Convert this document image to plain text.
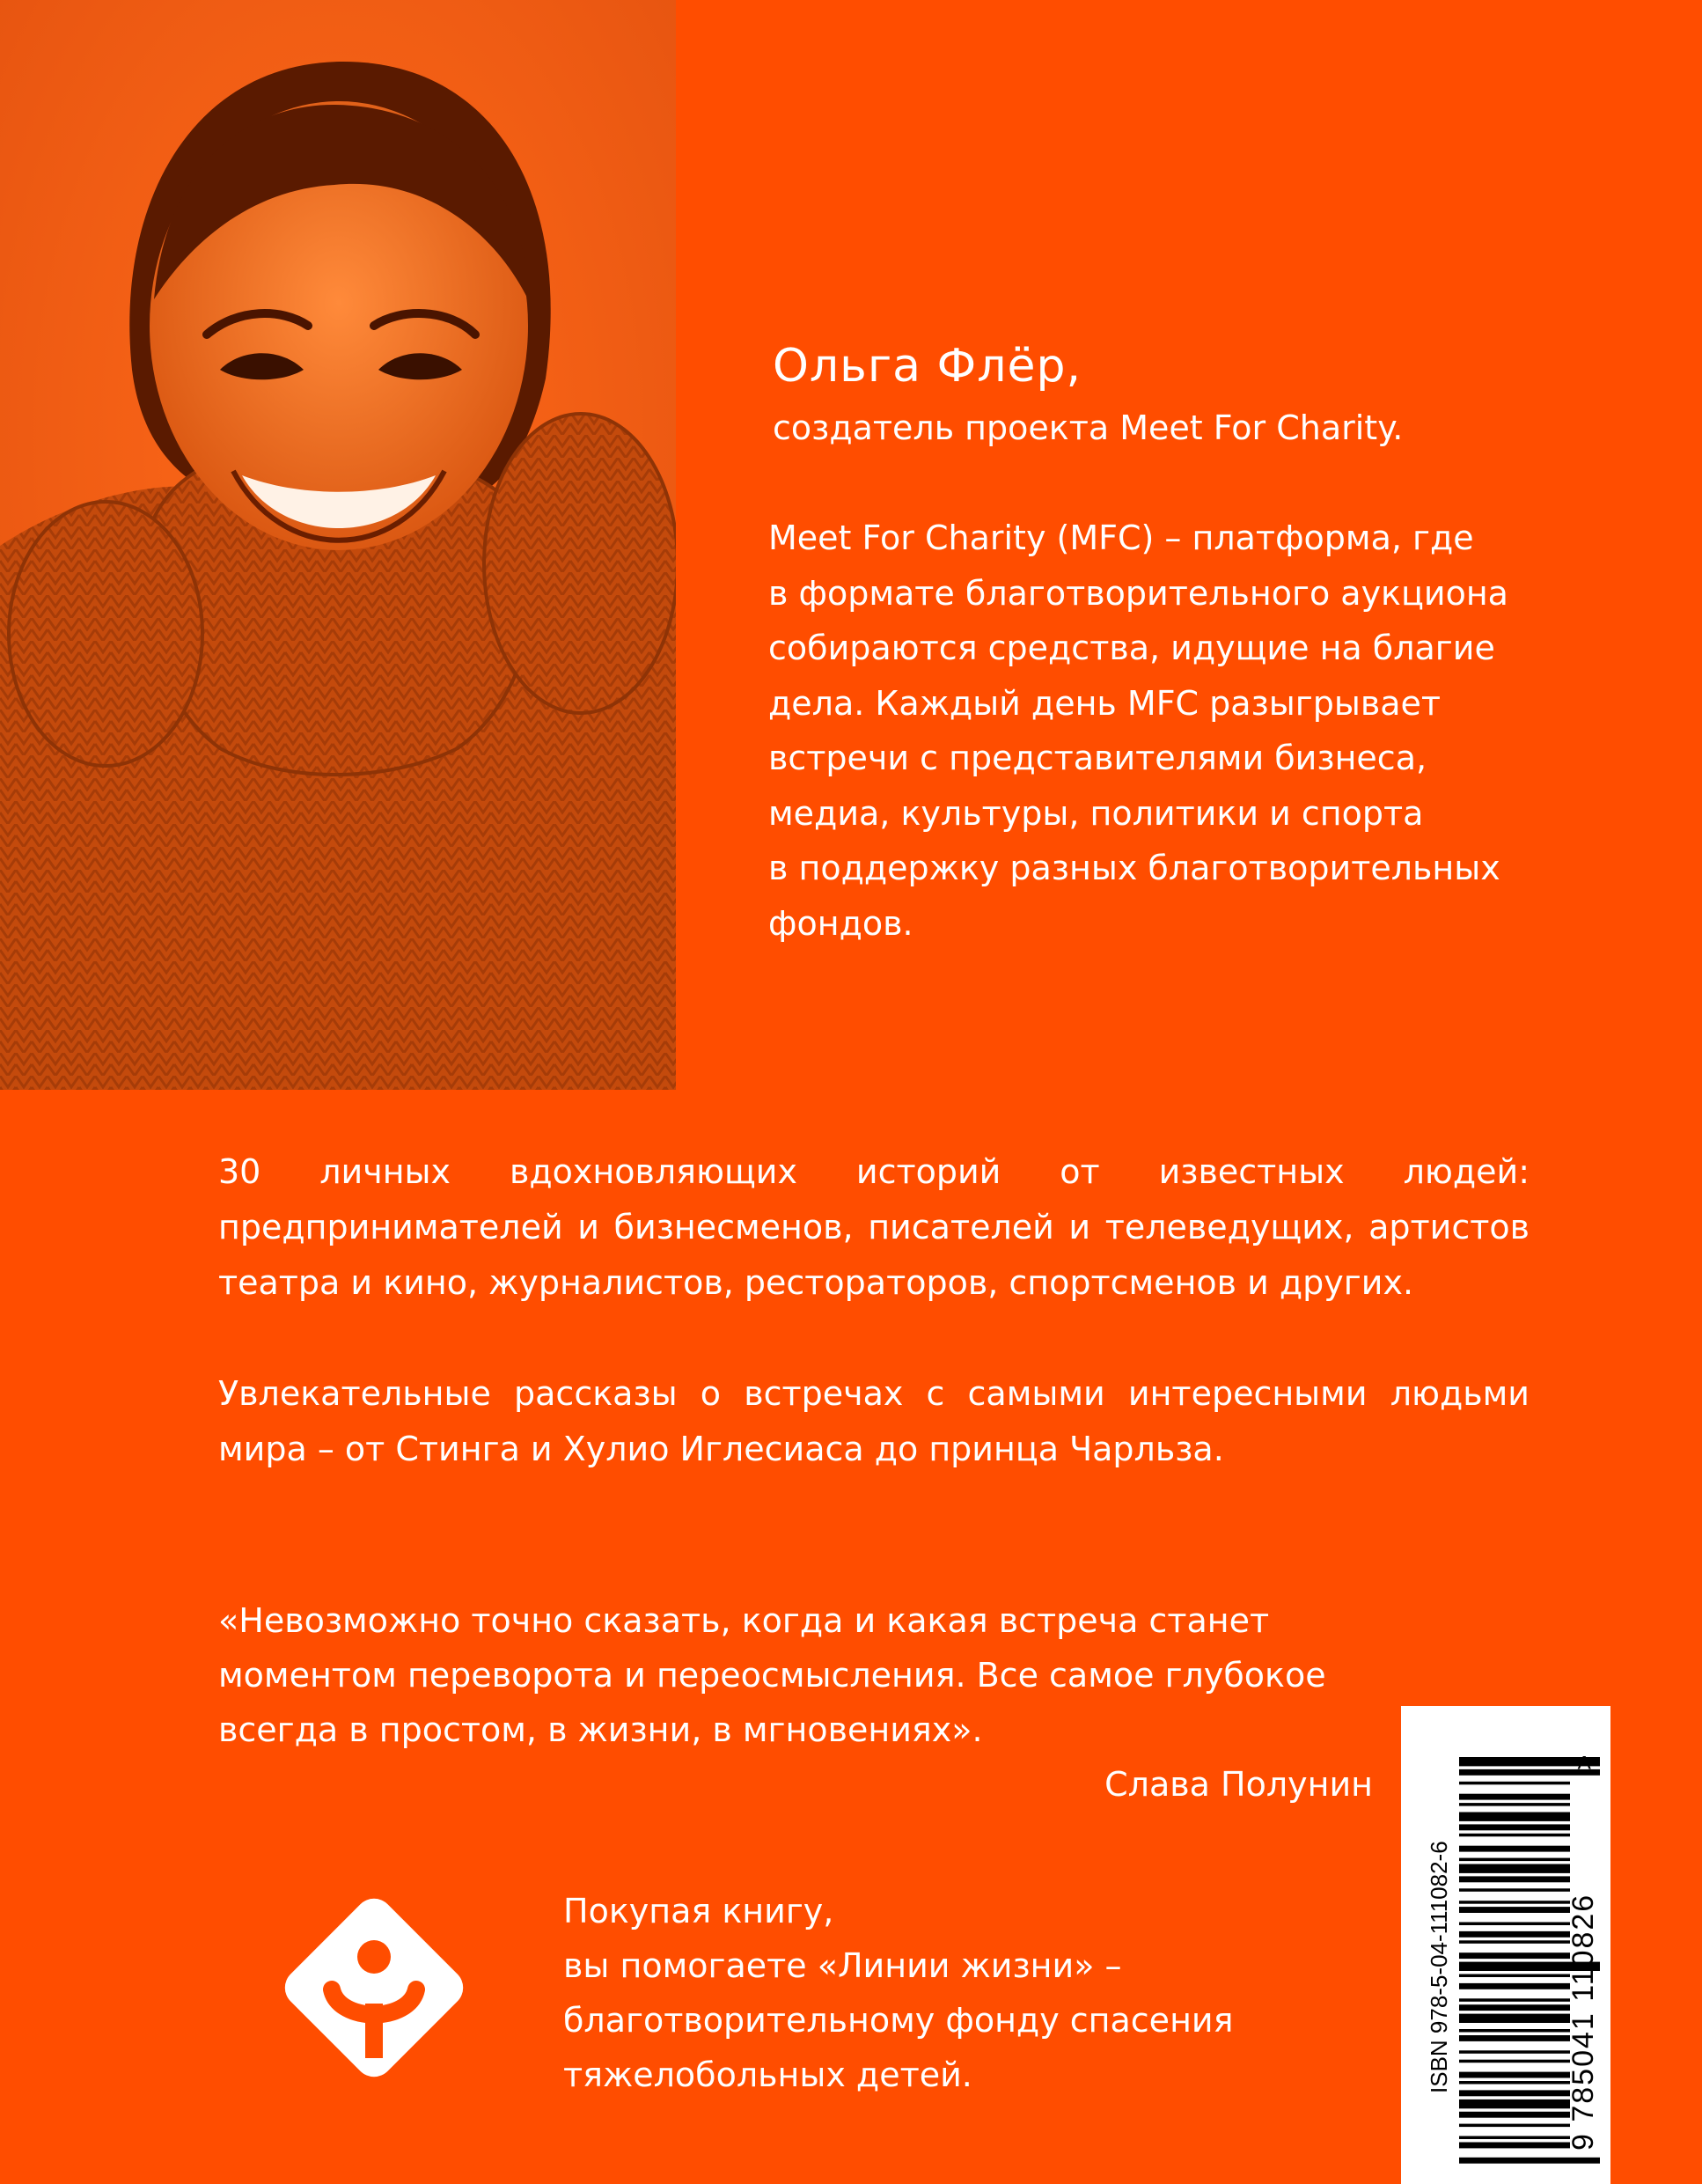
Ольга Флёр,
создатель проекта Meet For Charity.
Meet For Charity (MFC) – платформа, где
в формате благотворительного аукциона
собираются средства, идущие на благие
дела. Каждый день MFC разыгрывает
встречи с представителями бизнеса,
медиа, культуры, политики и спорта
в поддержку разных благотворительных
фондов.

30 личных вдохновляющих историй от известных людей: предпринимателей и бизнесменов, писателей и телеведущих, артистов театра и кино, журналистов, рестораторов, спортсменов и других.

Увлекательные рассказы о встречах с самыми интересными людьми мира – от Стинга и Хулио Иглесиаса до принца Чарльза.

«Невозможно точно сказать, когда и какая встреча станет
моментом переворота и переосмысления. Все самое глубокое
всегда в простом, в жизни, в мгновениях».
Слава Полунин
Покупая книгу,
вы помогаете «Линии жизни» –
благотворительному фонду спасения
тяжелобольных детей.	ISBN 978-5-04-111082-6	9 785041 110826
>
